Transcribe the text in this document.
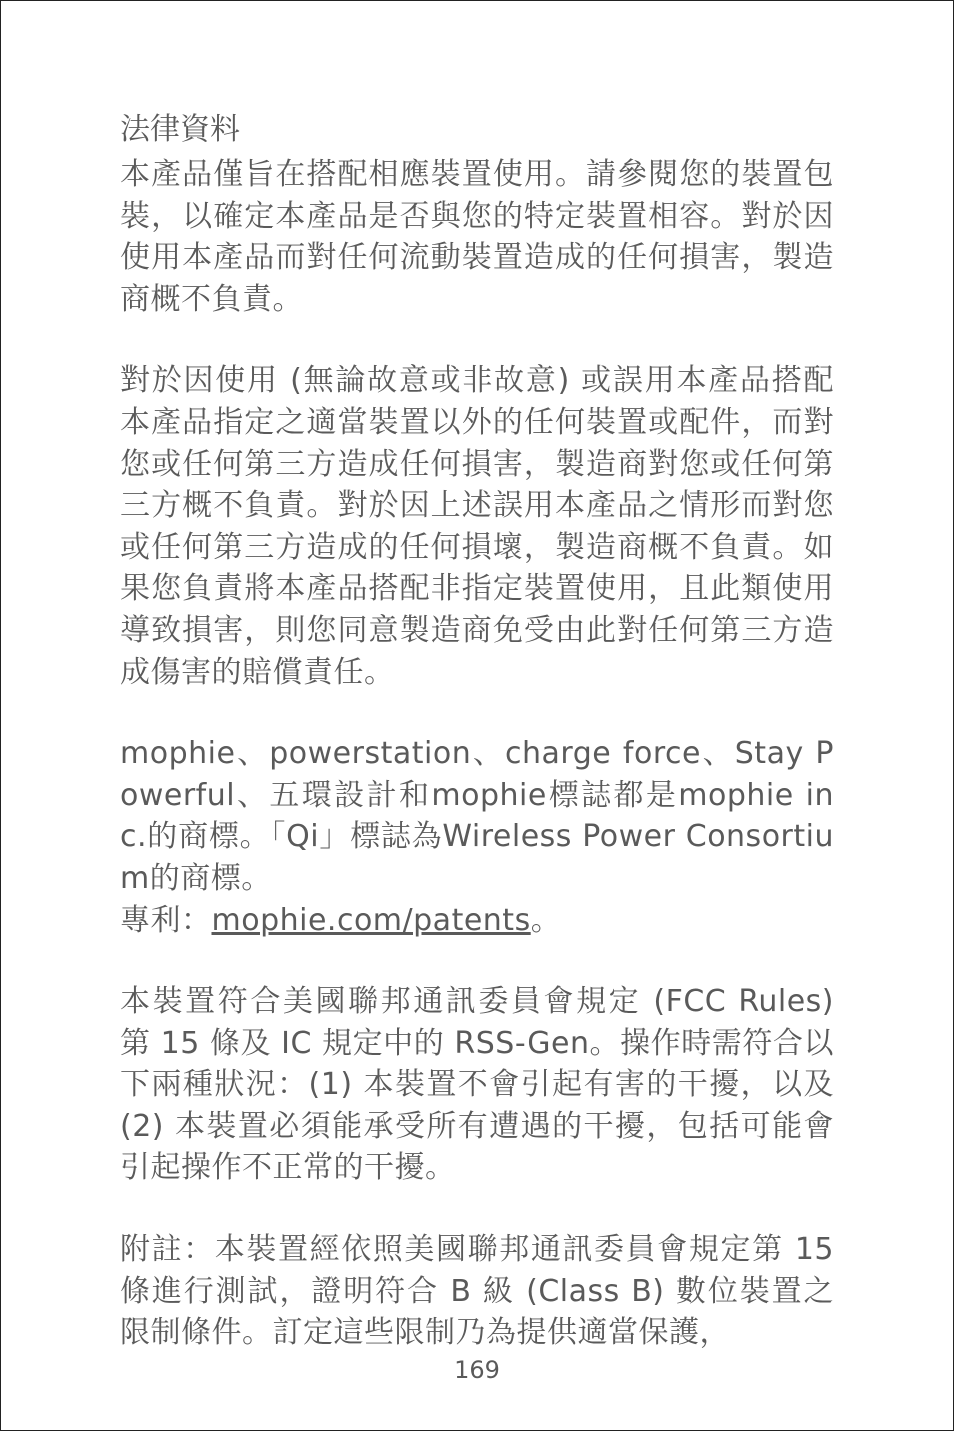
法律資料

本產品僅旨在搭配相應裝置使用。請參閱您的裝置包裝，以確定本產品是否與您的特定裝置相容。對於因使用本產品而對任何流動裝置造成的任何損害，製造商概不負責。

對於因使用 (無論故意或非故意) 或誤用本產品搭配本產品指定之適當裝置以外的任何裝置或配件，而對您或任何第三方造成任何損害，製造商對您或任何第三方概不負責。對於因上述誤用本產品之情形而對您或任何第三方造成的任何損壞，製造商概不負責。如果您負責將本產品搭配非指定裝置使用，且此類使用導致損害，則您同意製造商免受由此對任何第三方造成傷害的賠償責任。

mophie、powerstation、charge force、Stay Powerful、五環設計和mophie標誌都是mophie inc.的商標。「Qi」標誌為Wireless Power Consortium的商標。
專利：mophie.com/patents。

本裝置符合美國聯邦通訊委員會規定 (FCC Rules) 第 15 條及 IC 規定中的 RSS-Gen。操作時需符合以下兩種狀況：(1) 本裝置不會引起有害的干擾，以及 (2) 本裝置必須能承受所有遭遇的干擾，包括可能會引起操作不正常的干擾。

附註：本裝置經依照美國聯邦通訊委員會規定第 15 條進行測試，證明符合 B 級 (Class B) 數位裝置之限制條件。訂定這些限制乃為提供適當保護，

169
